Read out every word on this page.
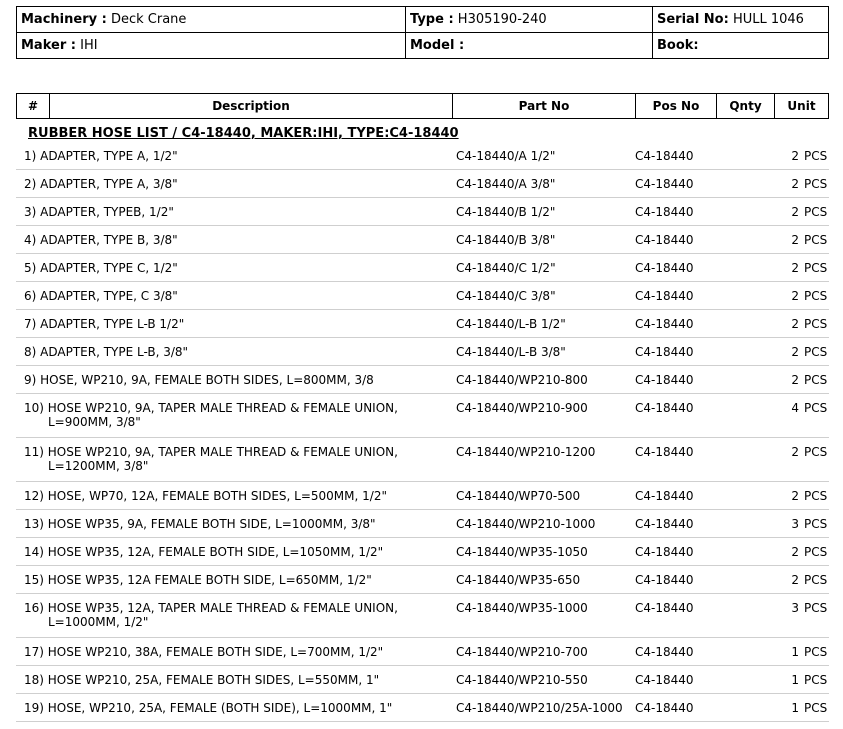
Machinery : Deck Crane	Type : H305190-240	Serial No: HULL 1046
Maker : IHI	Model :	Book:
#	Description	Part No	Pos No	Qnty	Unit
RUBBER HOSE LIST / C4-18440, MAKER:IHI, TYPE:C4-18440
1) ADAPTER, TYPE A, 1/2"	C4-18440/A 1/2"	C4-18440	2 PCS
2) ADAPTER, TYPE A, 3/8"	C4-18440/A 3/8"	C4-18440	2 PCS
3) ADAPTER, TYPEB, 1/2"	C4-18440/B 1/2"	C4-18440	2 PCS
4) ADAPTER, TYPE B, 3/8"	C4-18440/B 3/8"	C4-18440	2 PCS
5) ADAPTER, TYPE C, 1/2"	C4-18440/C 1/2"	C4-18440	2 PCS
6) ADAPTER, TYPE, C 3/8"	C4-18440/C 3/8"	C4-18440	2 PCS
7) ADAPTER, TYPE L-B 1/2"	C4-18440/L-B 1/2"	C4-18440	2 PCS
8) ADAPTER, TYPE L-B, 3/8"	C4-18440/L-B 3/8"	C4-18440	2 PCS
9) HOSE, WP210, 9A, FEMALE BOTH SIDES, L=800MM, 3/8	C4-18440/WP210-800	C4-18440	2 PCS
10) HOSE WP210, 9A, TAPER MALE THREAD & FEMALE UNION, L=900MM, 3/8"
C4-18440/WP210-900	C4-18440	4 PCS
11) HOSE WP210, 9A, TAPER MALE THREAD & FEMALE UNION, L=1200MM, 3/8"
C4-18440/WP210-1200	C4-18440	2 PCS
12) HOSE, WP70, 12A, FEMALE BOTH SIDES, L=500MM, 1/2"	C4-18440/WP70-500	C4-18440	2 PCS
13) HOSE WP35, 9A, FEMALE BOTH SIDE, L=1000MM, 3/8"	C4-18440/WP210-1000	C4-18440	3 PCS
14) HOSE WP35, 12A, FEMALE BOTH SIDE, L=1050MM, 1/2"	C4-18440/WP35-1050	C4-18440	2 PCS
15) HOSE WP35, 12A FEMALE BOTH SIDE, L=650MM, 1/2"	C4-18440/WP35-650	C4-18440	2 PCS
16) HOSE WP35, 12A, TAPER MALE THREAD & FEMALE UNION, L=1000MM, 1/2"
C4-18440/WP35-1000	C4-18440	3 PCS
17) HOSE WP210, 38A, FEMALE BOTH SIDE, L=700MM, 1/2"	C4-18440/WP210-700	C4-18440	1 PCS
18) HOSE WP210, 25A, FEMALE BOTH SIDES, L=550MM, 1"	C4-18440/WP210-550	C4-18440	1 PCS
19) HOSE, WP210, 25A, FEMALE (BOTH SIDE), L=1000MM, 1"	C4-18440/WP210/25A-1000 C4-18440	1 PCS
